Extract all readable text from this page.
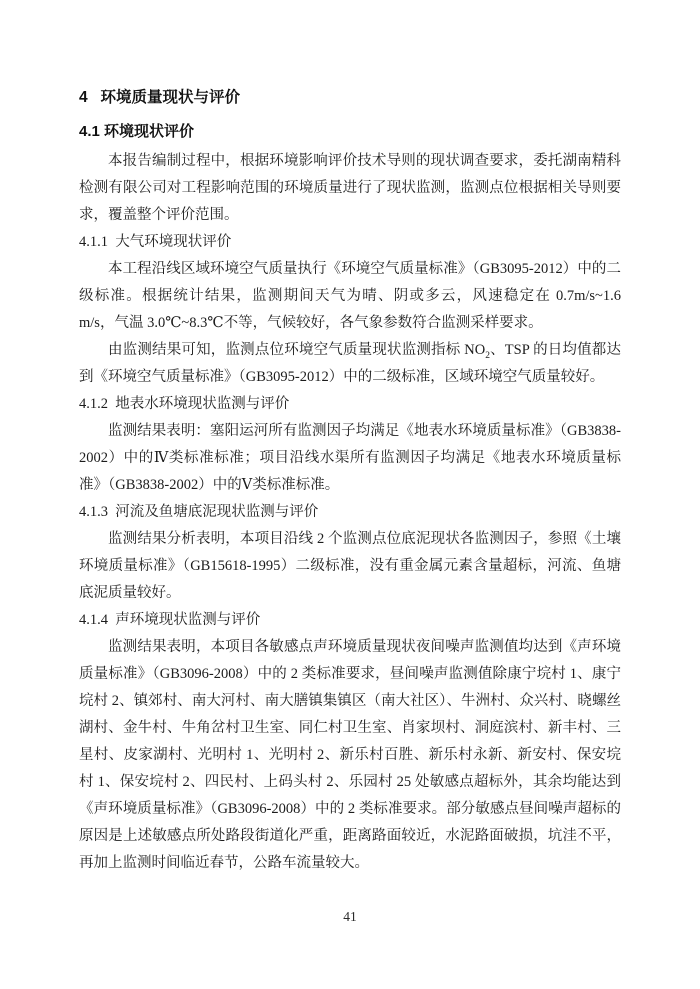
4   环境质量现状与评价
4.1 环境现状评价

本报告编制过程中，根据环境影响评价技术导则的现状调查要求，委托湖南精科检测有限公司对工程影响范围的环境质量进行了现状监测，监测点位根据相关导则要求，覆盖整个评价范围。

4.1.1  大气环境现状评价

本工程沿线区域环境空气质量执行《环境空气质量标准》（GB3095-2012）中的二级标准。根据统计结果，监测期间天气为晴、阴或多云，风速稳定在 0.7m/s~1.6 m/s，气温 3.0℃~8.3℃不等，气候较好，各气象参数符合监测采样要求。

由监测结果可知，监测点位环境空气质量现状监测指标 $NO_2$、TSP 的日均值都达到《环境空气质量标准》（GB3095-2012）中的二级标准，区域环境空气质量较好。

4.1.2  地表水环境现状监测与评价

监测结果表明：塞阳运河所有监测因子均满足《地表水环境质量标准》（GB3838-2002）中的Ⅳ类标准标准；项目沿线水渠所有监测因子均满足《地表水环境质量标准》（GB3838-2002）中的Ⅴ类标准标准。

4.1.3  河流及鱼塘底泥现状监测与评价

监测结果分析表明，本项目沿线 2 个监测点位底泥现状各监测因子，参照《土壤环境质量标准》（GB15618-1995）二级标准，没有重金属元素含量超标，河流、鱼塘底泥质量较好。

4.1.4  声环境现状监测与评价

监测结果表明，本项目各敏感点声环境质量现状夜间噪声监测值均达到《声环境质量标准》（GB3096-2008）中的 2 类标准要求，昼间噪声监测值除康宁垸村 1、康宁垸村 2、镇郊村、南大河村、南大膳镇集镇区（南大社区）、牛洲村、众兴村、晓螺丝湖村、金牛村、牛角岔村卫生室、同仁村卫生室、肖家坝村、洞庭滨村、新丰村、三星村、皮家湖村、光明村 1、光明村 2、新乐村百胜、新乐村永新、新安村、保安垸村 1、保安垸村 2、四民村、上码头村 2、乐园村 25 处敏感点超标外，其余均能达到《声环境质量标准》（GB3096-2008）中的 2 类标准要求。部分敏感点昼间噪声超标的原因是上述敏感点所处路段街道化严重，距离路面较近，水泥路面破损，坑洼不平，再加上监测时间临近春节，公路车流量较大。

41
